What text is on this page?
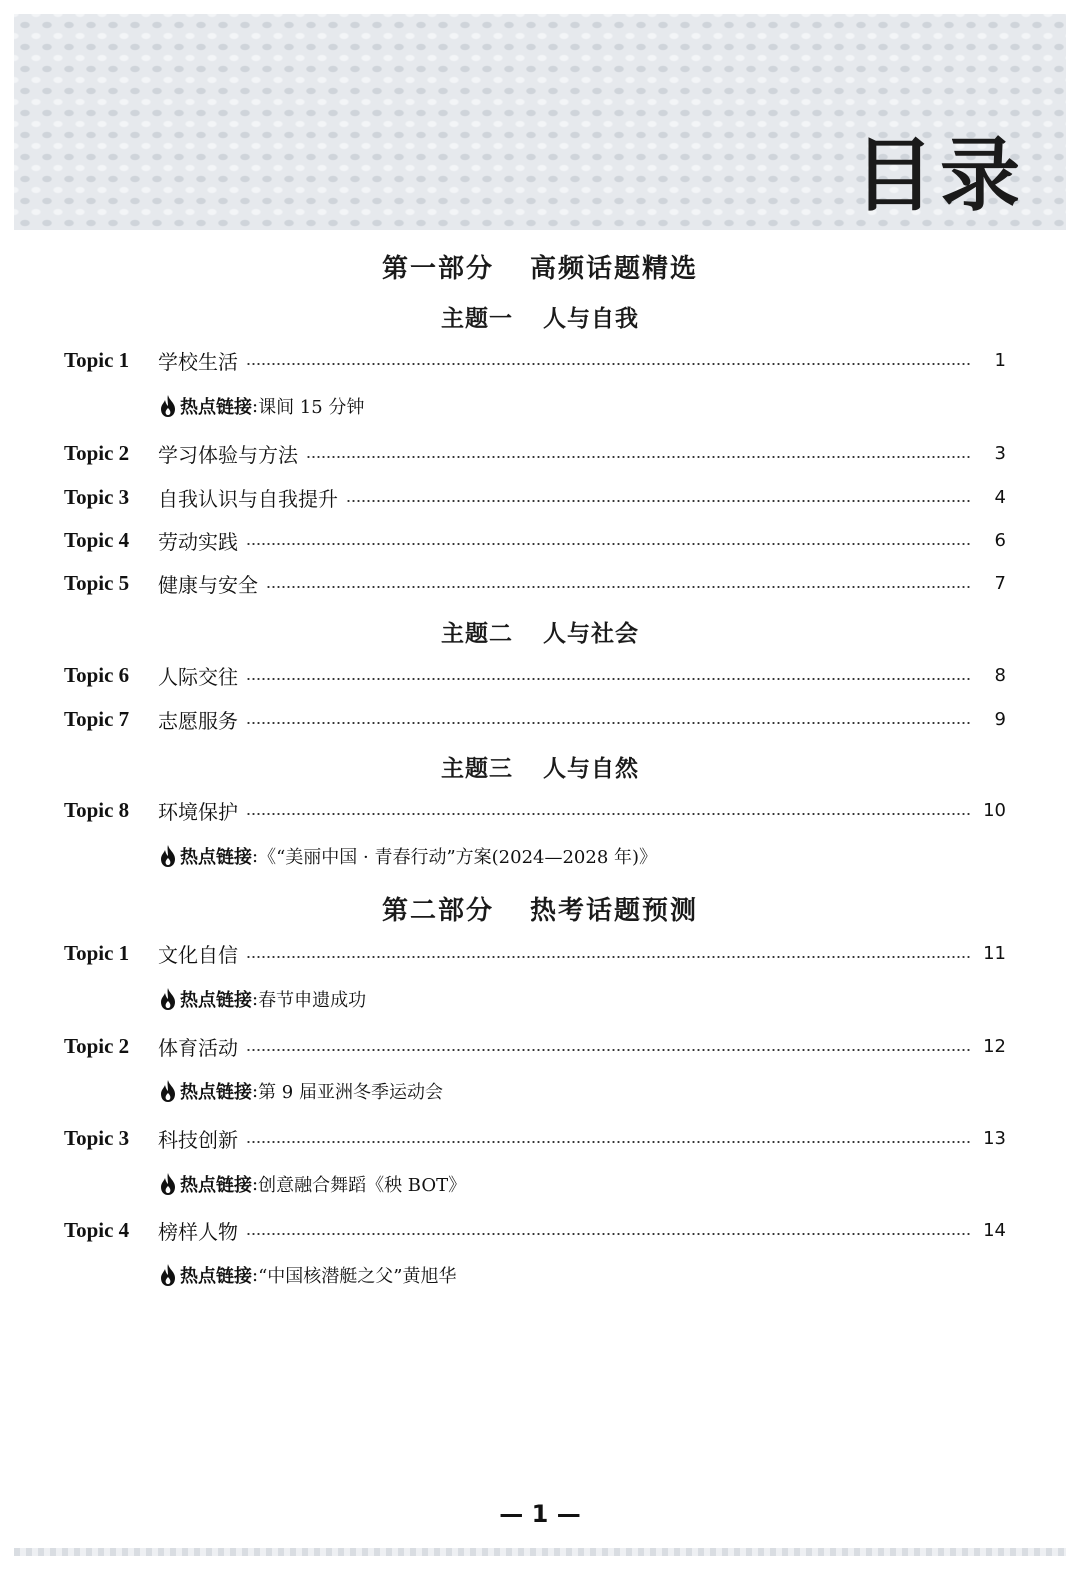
目录
第一部分 高频话题精选
主题一 人与自我
Topic 1	学校生活	1
热点链接 : 课间 15 分钟
Topic 2	学习体验与方法	3
Topic 3	自我认识与自我提升	4
Topic 4	劳动实践	6
Topic 5	健康与安全	7
主题二 人与社会
Topic 6	人际交往	8
Topic 7	志愿服务	9
主题三 人与自然
Topic 8	环境保护	10
热点链接 : 《“美丽中国 · 青春行动”方案(2024—2028 年)》
第二部分 热考话题预测
Topic 1	文化自信	11
热点链接 : 春节申遗成功
Topic 2	体育活动	12
热点链接 : 第 9 届亚洲冬季运动会
Topic 3	科技创新	13
热点链接 : 创意融合舞蹈《秧 BOT》
Topic 4	榜样人物	14
热点链接 : “中国核潜艇之父”黄旭华
— 1 —
